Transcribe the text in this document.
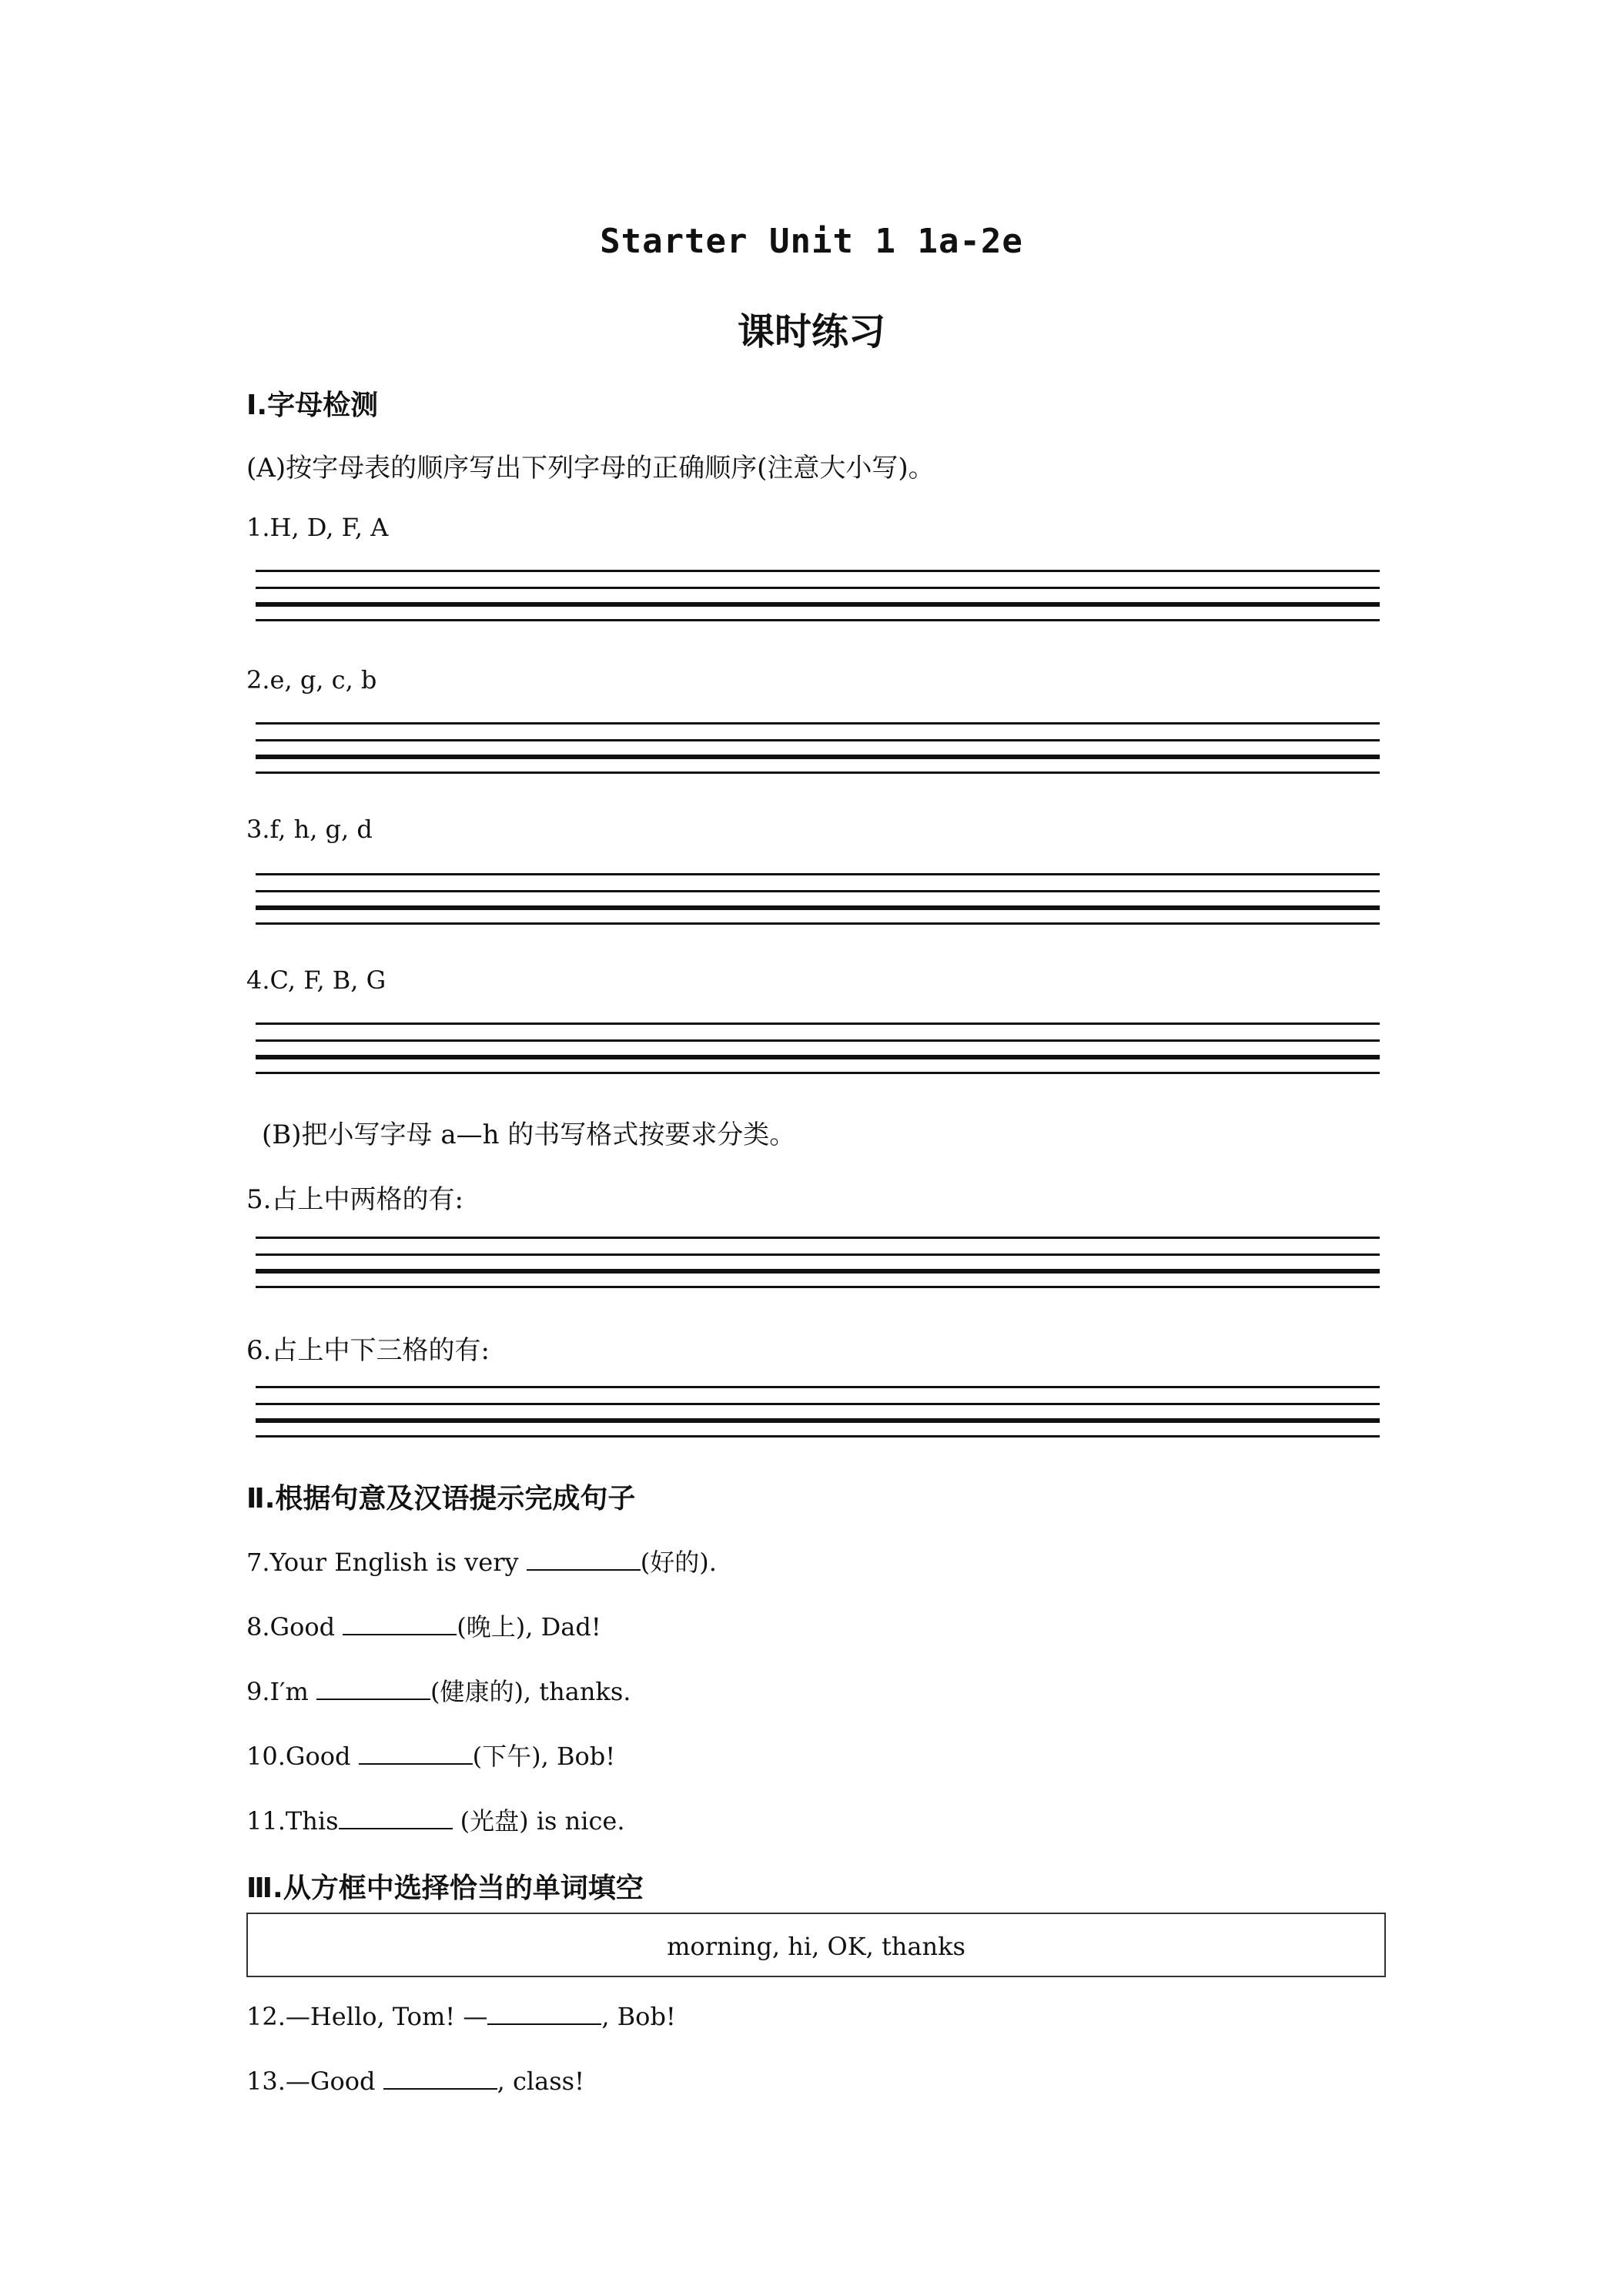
Starter Unit 1 1a-2e
课时练习
Ⅰ.字母检测
(A)按字母表的顺序写出下列字母的正确顺序(注意大小写)。
1.H, D, F, A
2.e, g, c, b
3.f, h, g, d
4.C, F, B, G
(B)把小写字母 a—h 的书写格式按要求分类。
5.占上中两格的有:
6.占上中下三格的有:
Ⅱ.根据句意及汉语提示完成句子
7.Your English is very	(好的).
8.Good	(晚上), Dad!
9.I′m	(健康的), thanks.
10.Good	(下午), Bob!
11.This	(光盘) is nice.
Ⅲ.从方框中选择恰当的单词填空
morning, hi, OK, thanks
12.—Hello, Tom! —	, Bob!
13.—Good	, class!
